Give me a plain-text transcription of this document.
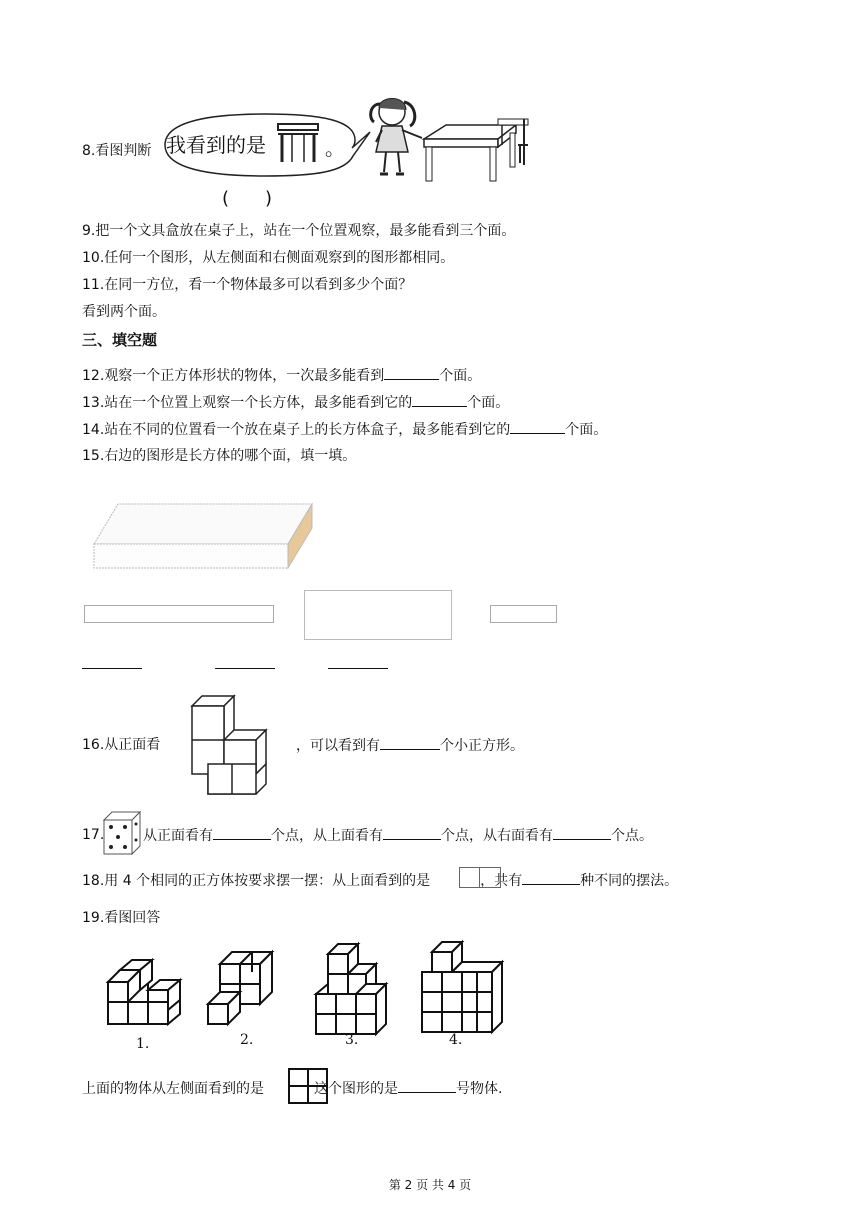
8.看图判断 我看到的是	。
(　　)
9.把一个文具盒放在桌子上，站在一个位置观察，最多能看到三个面。
10.任何一个图形，从左侧面和右侧面观察到的图形都相同。
11.在同一方位，看一个物体最多可以看到多少个面？
看到两个面。
三、填空题
12.观察一个正方体形状的物体，一次最多能看到	个面。
13.站在一个位置上观察一个长方体，最多能看到它的	个面。
14.站在不同的位置看一个放在桌子上的长方体盒子，最多能看到它的	个面。
15.右边的图形是长方体的哪个面，填一填。
16.从正面看	，可以看到有	个小正方形。
17.	从正面看有	个点，从上面看有	个点，从右面看有	个点。
18.用 4 个相同的正方体按要求摆一摆：从上面看到的是	，共有	种不同的摆法。
19.看图回答
1.	2.	3.	4.
上面的物体从左侧面看到的是	这个图形的是	号物体.
第 2 页 共 4 页
